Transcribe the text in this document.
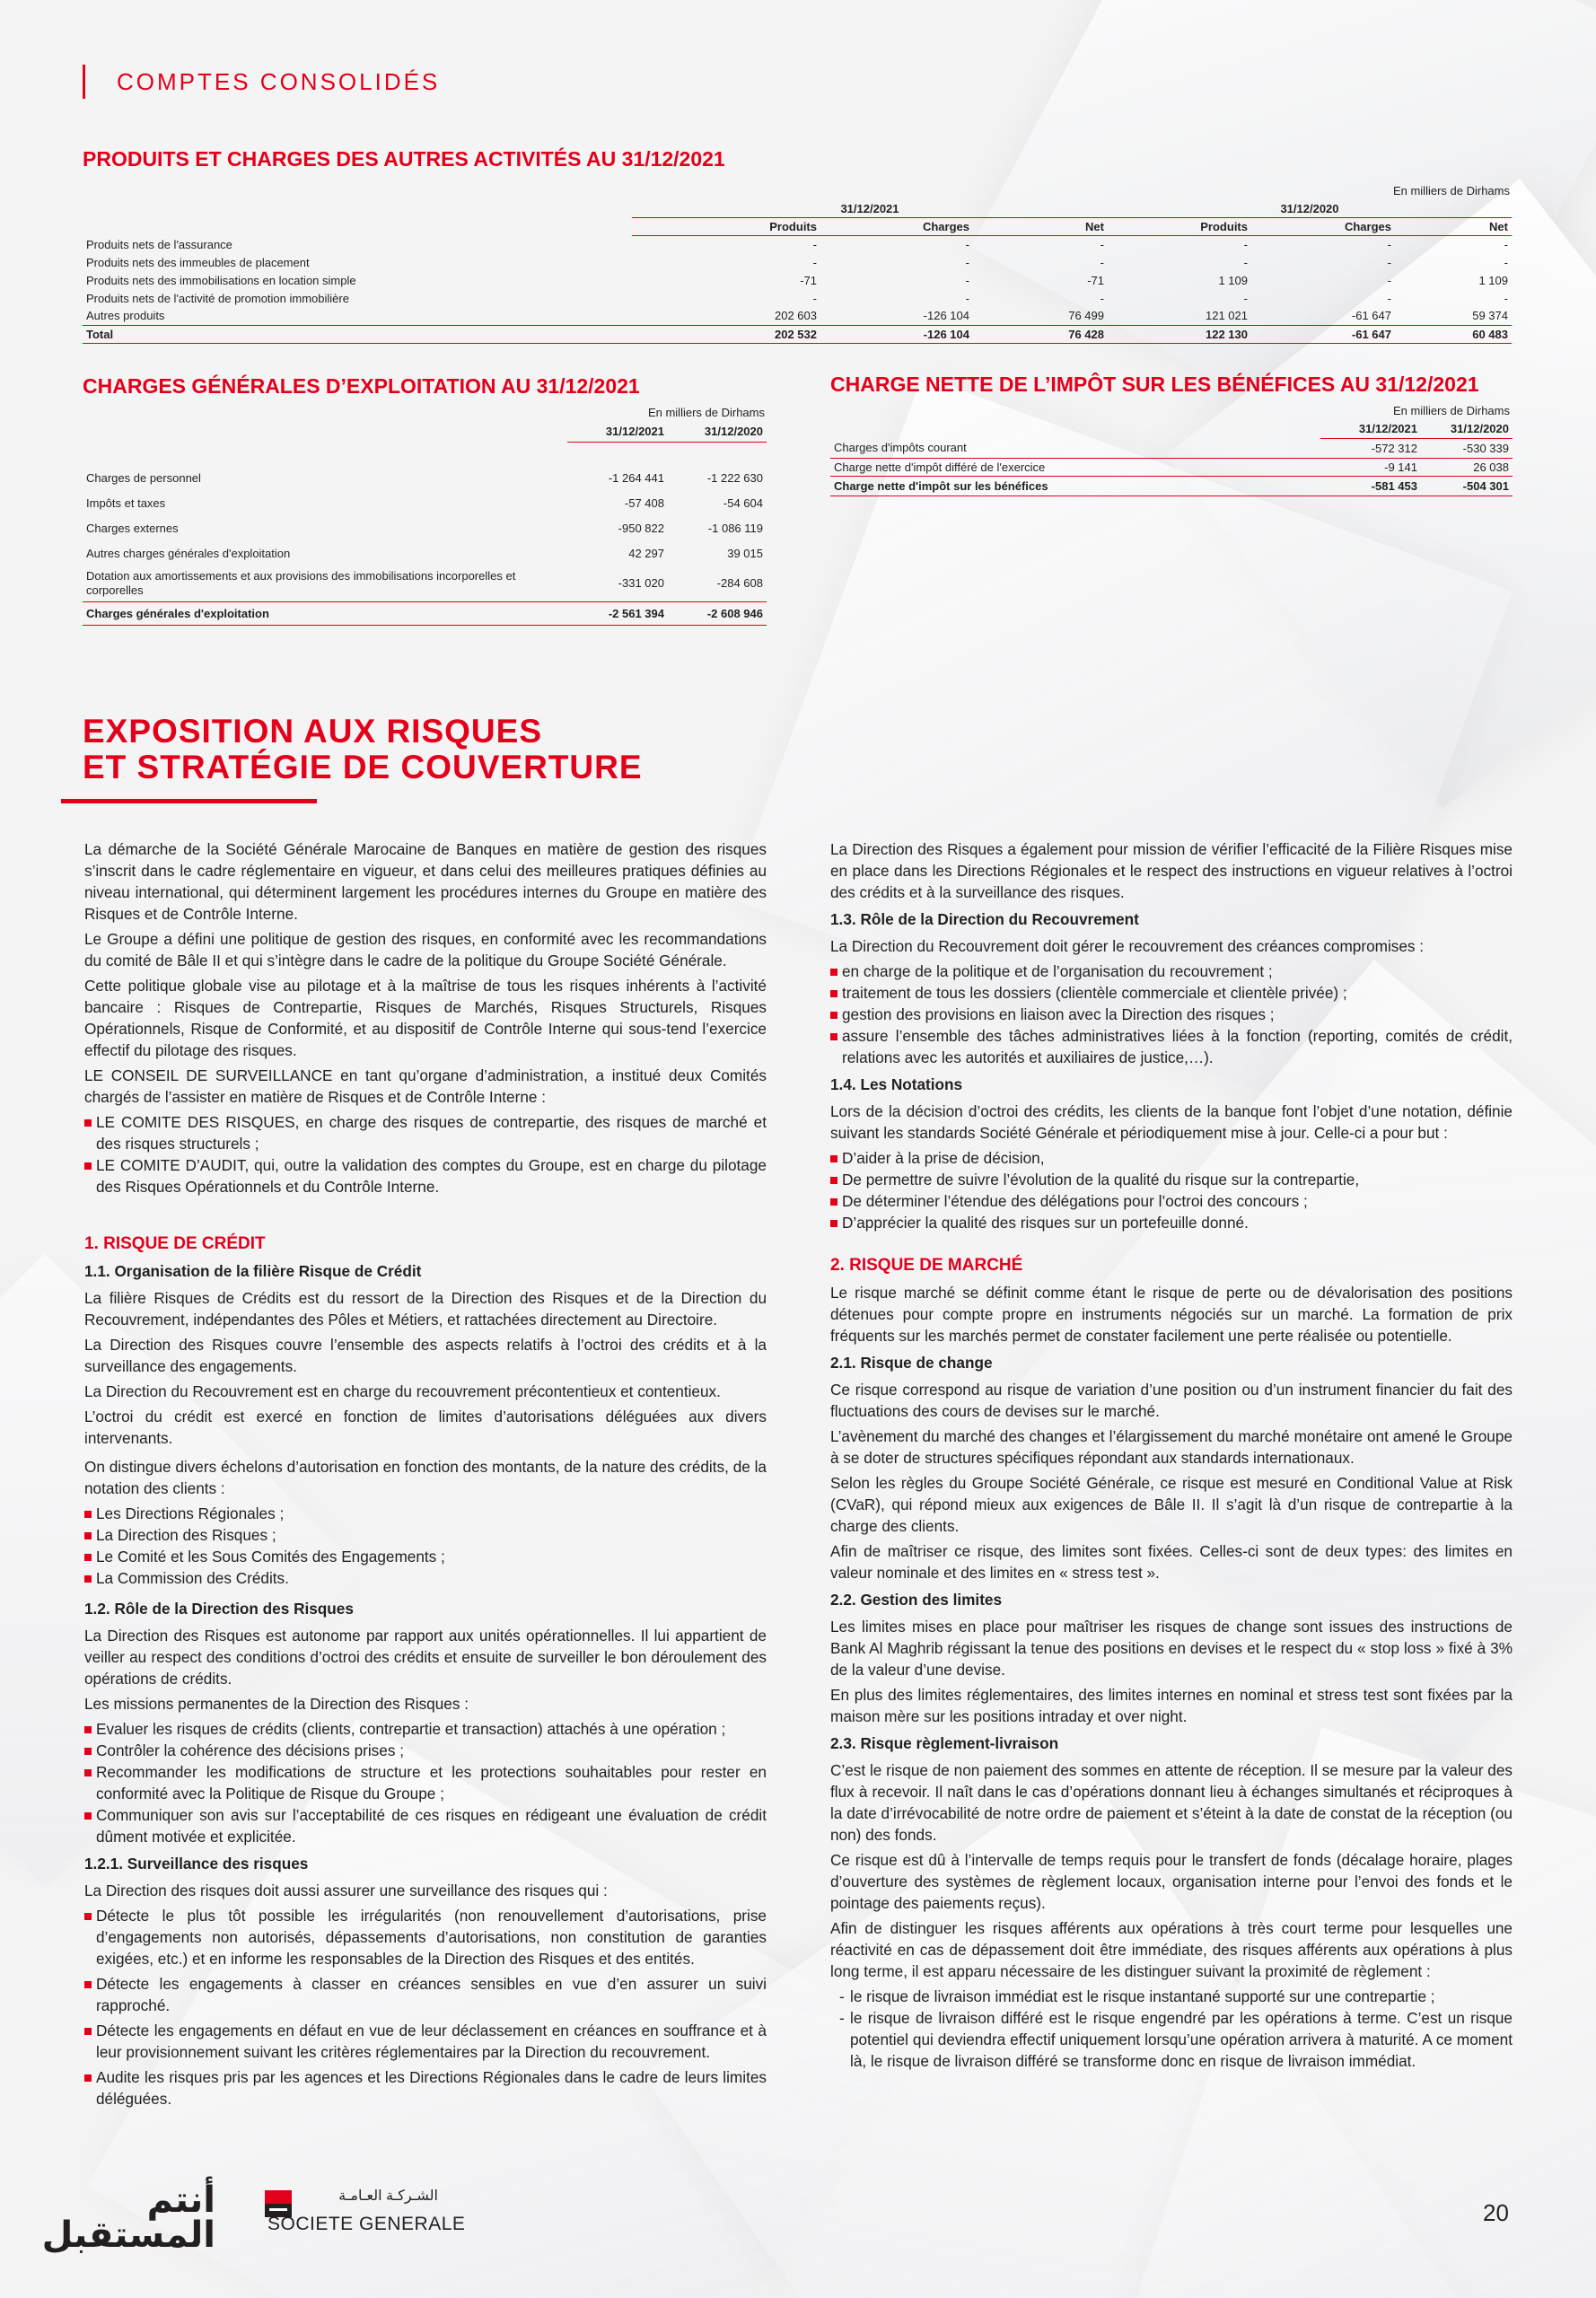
COMPTES CONSOLIDÉS
PRODUITS ET CHARGES DES AUTRES ACTIVITÉS AU 31/12/2021
En milliers de Dirhams
	31/12/2021			31/12/2020		
	Produits	Charges	Net	Produits	Charges	Net
Produits nets de l'assurance	-	-	-	-	-	-
Produits nets des immeubles de placement	-	-	-	-	-	-
Produits nets des immobilisations en location simple	-71	-	-71	1 109	-	1 109
Produits nets de l'activité de promotion immobilière	-	-	-	-	-	-
Autres produits	202 603	-126 104	76 499	121 021	-61 647	59 374
Total	202 532	-126 104	76 428	122 130	-61 647	60 483
CHARGES GÉNÉRALES D’EXPLOITATION AU 31/12/2021
En milliers de Dirhams
	31/12/2021	31/12/2020

Charges de personnel	-1 264 441	-1 222 630
Impôts et taxes	-57 408	-54 604
Charges externes	-950 822	-1 086 119
Autres charges générales d'exploitation	42 297	39 015
Dotation aux amortissements et aux provisions des immobilisations incorporelles et corporelles	-331 020	-284 608
Charges générales d'exploitation	-2 561 394	-2 608 946
CHARGE NETTE DE L’IMPÔT SUR LES BÉNÉFICES AU 31/12/2021
En milliers de Dirhams
	31/12/2021	31/12/2020
Charges d'impôts courant	-572 312	-530 339
Charge nette d'impôt différé de l'exercice	-9 141	26 038
Charge nette d'impôt sur les bénéfices	-581 453	-504 301
EXPOSITION AUX RISQUES
ET STRATÉGIE DE COUVERTURE

La démarche de la Société Générale Marocaine de Banques en matière de gestion des risques s’inscrit dans le cadre réglementaire en vigueur, et dans celui des meilleures pratiques définies au niveau international, qui déterminent largement les procédures internes du Groupe en matière des Risques et de Contrôle Interne.

Le Groupe a défini une politique de gestion des risques, en conformité avec les recommandations du comité de Bâle II et qui s’intègre dans le cadre de la politique du Groupe Société Générale.

Cette politique globale vise au pilotage et à la maîtrise de tous les risques inhérents à l’activité bancaire : Risques de Contrepartie, Risques de Marchés, Risques Structurels, Risques Opérationnels, Risque de Conformité, et au dispositif de Contrôle Interne qui sous-tend l’exercice effectif du pilotage des risques.

LE CONSEIL DE SURVEILLANCE en tant qu’organe d’administration, a institué deux Comités chargés de l’assister en matière de Risques et de Contrôle Interne :

LE COMITE DES RISQUES, en charge des risques de contrepartie, des risques de marché et des risques structurels ;
LE COMITE D’AUDIT, qui, outre la validation des comptes du Groupe, est en charge du pilotage des Risques Opérationnels et du Contrôle Interne.
1. RISQUE DE CRÉDIT
1.1. Organisation de la filière Risque de Crédit

La filière Risques de Crédits est du ressort de la Direction des Risques et de la Direction du Recouvrement, indépendantes des Pôles et Métiers, et rattachées directement au Directoire.

La Direction des Risques couvre l’ensemble des aspects relatifs à l’octroi des crédits et à la surveillance des engagements.

La Direction du Recouvrement est en charge du recouvrement précontentieux et contentieux.

L’octroi du crédit est exercé en fonction de limites d’autorisations déléguées aux divers intervenants.

On distingue divers échelons d’autorisation en fonction des montants, de la nature des crédits, de la notation des clients :

Les Directions Régionales ;
La Direction des Risques ;
Le Comité et les Sous Comités des Engagements ;
La Commission des Crédits.
1.2. Rôle de la Direction des Risques

La Direction des Risques est autonome par rapport aux unités opérationnelles. Il lui appartient de veiller au respect des conditions d’octroi des crédits et ensuite de surveiller le bon déroulement des opérations de crédits.

Les missions permanentes de la Direction des Risques :

Evaluer les risques de crédits (clients, contrepartie et transaction) attachés à une opération ;
Contrôler la cohérence des décisions prises ;
Recommander les modifications de structure et les protections souhaitables pour rester en conformité avec la Politique de Risque du Groupe ;
Communiquer son avis sur l’acceptabilité de ces risques en rédigeant une évaluation de crédit dûment motivée et explicitée.
1.2.1. Surveillance des risques

La Direction des risques doit aussi assurer une surveillance des risques qui :

Détecte le plus tôt possible les irrégularités (non renouvellement d’autorisations, prise d’engagements non autorisés, dépassements d’autorisations, non constitution de garanties exigées, etc.) et en informe les responsables de la Direction des Risques et des entités.
Détecte les engagements à classer en créances sensibles en vue d’en assurer un suivi rapproché.
Détecte les engagements en défaut en vue de leur déclassement en créances en souffrance et à leur provisionnement suivant les critères réglementaires par la Direction du recouvrement.
Audite les risques pris par les agences et les Directions Régionales dans le cadre de leurs limites déléguées.

La Direction des Risques a également pour mission de vérifier l’efficacité de la Filière Risques mise en place dans les Directions Régionales et le respect des instructions en vigueur relatives à l’octroi des crédits et à la surveillance des risques.

1.3. Rôle de la Direction du Recouvrement

La Direction du Recouvrement doit gérer le recouvrement des créances compromises :

en charge de la politique et de l’organisation du recouvrement ;
traitement de tous les dossiers (clientèle commerciale et clientèle privée) ;
gestion des provisions en liaison avec la Direction des risques ;
assure l’ensemble des tâches administratives liées à la fonction (reporting, comités de crédit, relations avec les autorités et auxiliaires de justice,…).
1.4. Les Notations

Lors de la décision d’octroi des crédits, les clients de la banque font l’objet d’une notation, définie suivant les standards Société Générale et périodiquement mise à jour. Celle-ci a pour but :

D’aider à la prise de décision,
De permettre de suivre l’évolution de la qualité du risque sur la contrepartie,
De déterminer l’étendue des délégations pour l’octroi des concours ;
D’apprécier la qualité des risques sur un portefeuille donné.
2. RISQUE DE MARCHÉ

Le risque marché se définit comme étant le risque de perte ou de dévalorisation des positions détenues pour compte propre en instruments négociés sur un marché. La formation de prix fréquents sur les marchés permet de constater facilement une perte réalisée ou potentielle.

2.1. Risque de change

Ce risque correspond au risque de variation d’une position ou d’un instrument financier du fait des fluctuations des cours de devises sur le marché.

L’avènement du marché des changes et l’élargissement du marché monétaire ont amené le Groupe à se doter de structures spécifiques répondant aux standards internationaux.

Selon les règles du Groupe Société Générale, ce risque est mesuré en Conditional Value at Risk (CVaR), qui répond mieux aux exigences de Bâle II. Il s’agit là d’un risque de contrepartie à la charge des clients.

Afin de maîtriser ce risque, des limites sont fixées. Celles-ci sont de deux types: des limites en valeur nominale et des limites en « stress test ».

2.2. Gestion des limites

Les limites mises en place pour maîtriser les risques de change sont issues des instructions de Bank Al Maghrib régissant la tenue des positions en devises et le respect du « stop loss » fixé à 3% de la valeur d’une devise.

En plus des limites réglementaires, des limites internes en nominal et stress test sont fixées par la maison mère sur les positions intraday et over night.

2.3. Risque règlement-livraison

C’est le risque de non paiement des sommes en attente de réception. Il se mesure par la valeur des flux à recevoir. Il naît dans le cas d’opérations donnant lieu à échanges simultanés et réciproques à la date d’irrévocabilité de notre ordre de paiement et s’éteint à la date de constat de la réception (ou non) des fonds.

Ce risque est dû à l’intervalle de temps requis pour le transfert de fonds (décalage horaire, plages d’ouverture des systèmes de règlement locaux, organisation interne pour l’envoi des fonds et le pointage des paiements reçus).

Afin de distinguer les risques afférents aux opérations à très court terme pour lesquelles une réactivité en cas de dépassement doit être immédiate, des risques afférents aux opérations à plus long terme, il est apparu nécessaire de les distinguer suivant la proximité de règlement :

- le risque de livraison immédiat est le risque instantané supporté sur une contrepartie ;
- le risque de livraison différé est le risque engendré par les opérations à terme. C’est un risque potentiel qui deviendra effectif uniquement lorsqu’une opération arrivera à maturité. A ce moment là, le risque de livraison différé se transforme donc en risque de livraison immédiat.
أنتم
المستقبل
الشـركـة العـامـة
SOCIETE GENERALE	20
